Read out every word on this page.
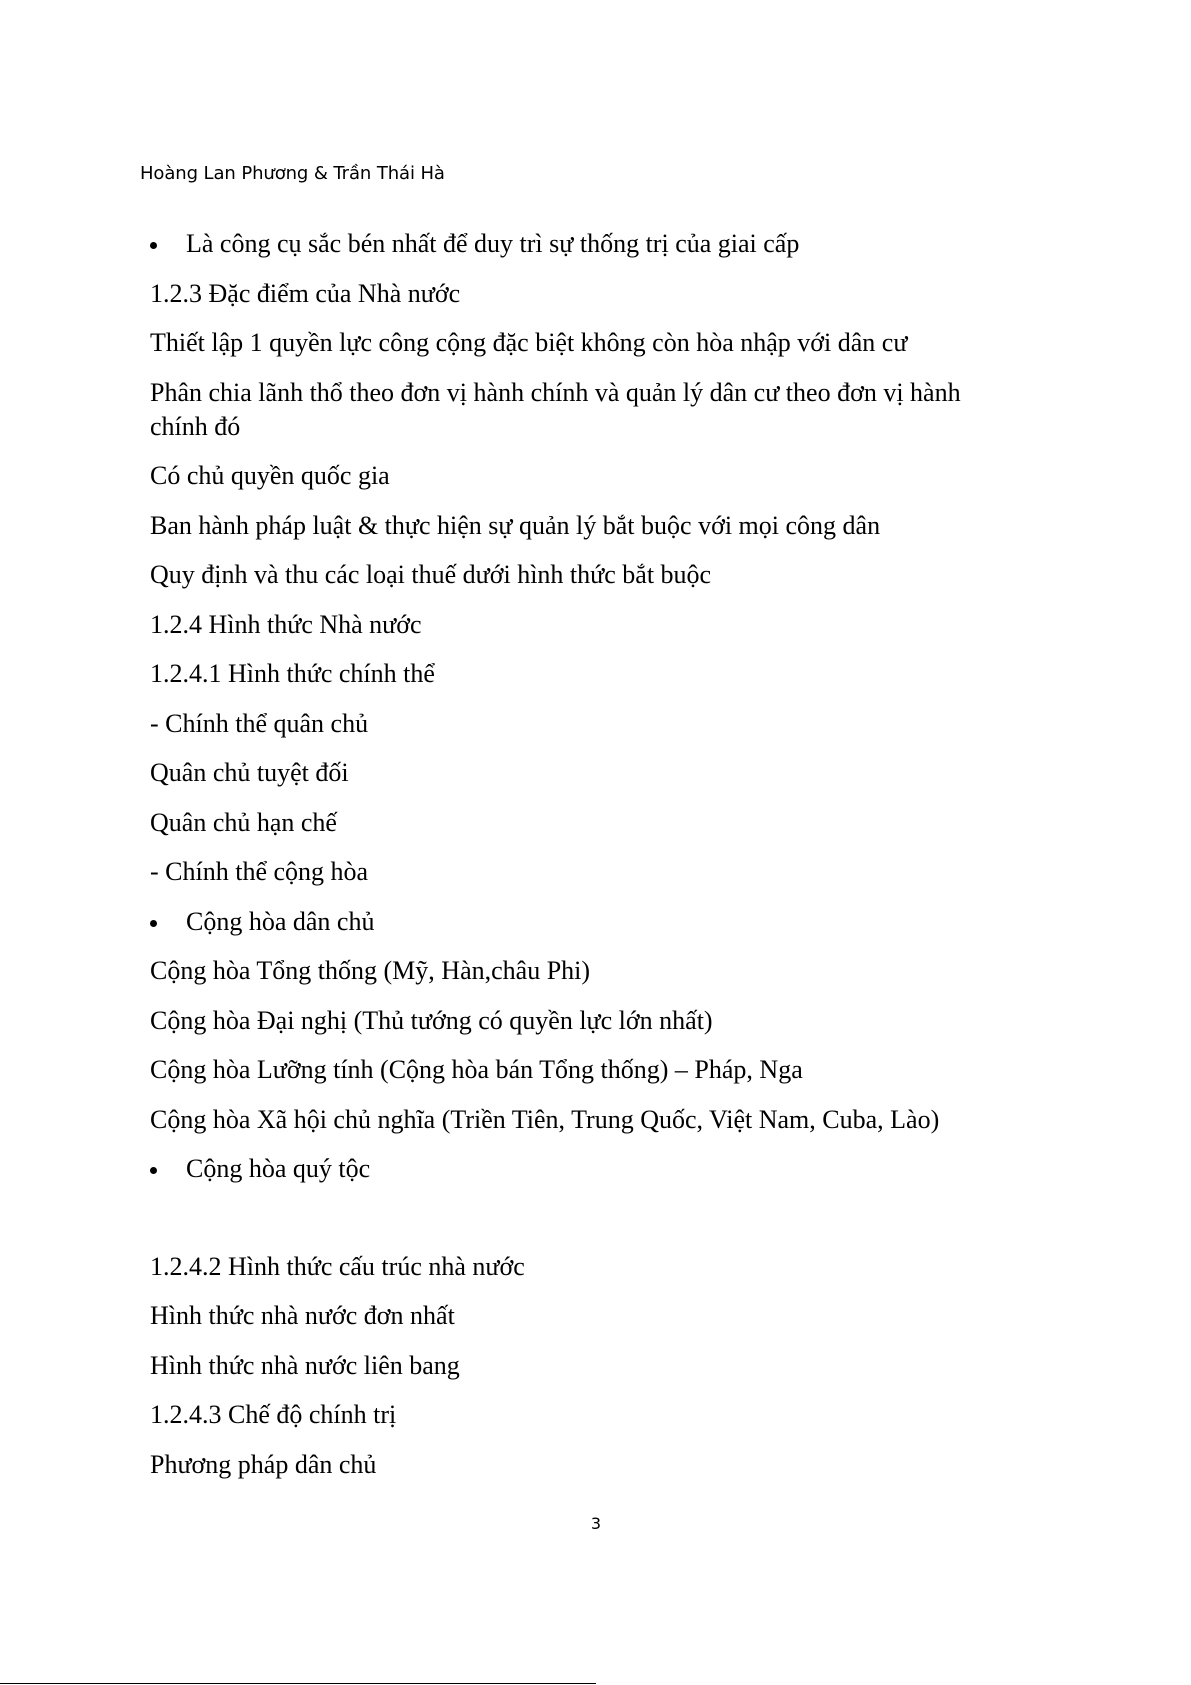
Hoàng Lan Phương & Trần Thái Hà
Là công cụ sắc bén nhất để duy trì sự thống trị của giai cấp
1.2.3 Đặc điểm của Nhà nước
Thiết lập 1 quyền lực công cộng đặc biệt không còn hòa nhập với dân cư
Phân chia lãnh thổ theo đơn vị hành chính và quản lý dân cư theo đơn vị hành chính đó
Có chủ quyền quốc gia
Ban hành pháp luật & thực hiện sự quản lý bắt buộc với mọi công dân
Quy định và thu các loại thuế dưới hình thức bắt buộc
1.2.4 Hình thức Nhà nước
1.2.4.1 Hình thức chính thể
- Chính thể quân chủ
Quân chủ tuyệt đối
Quân chủ hạn chế
- Chính thể cộng hòa
Cộng hòa dân chủ
Cộng hòa Tổng thống (Mỹ, Hàn,châu Phi)
Cộng hòa Đại nghị (Thủ tướng có quyền lực lớn nhất)
Cộng hòa Lưỡng tính (Cộng hòa bán Tổng thống) – Pháp, Nga
Cộng hòa Xã hội chủ nghĩa (Triền Tiên, Trung Quốc, Việt Nam, Cuba, Lào)
Cộng hòa quý tộc
1.2.4.2 Hình thức cấu trúc nhà nước
Hình thức nhà nước đơn nhất
Hình thức nhà nước liên bang
1.2.4.3 Chế độ chính trị
Phương pháp dân chủ
3
